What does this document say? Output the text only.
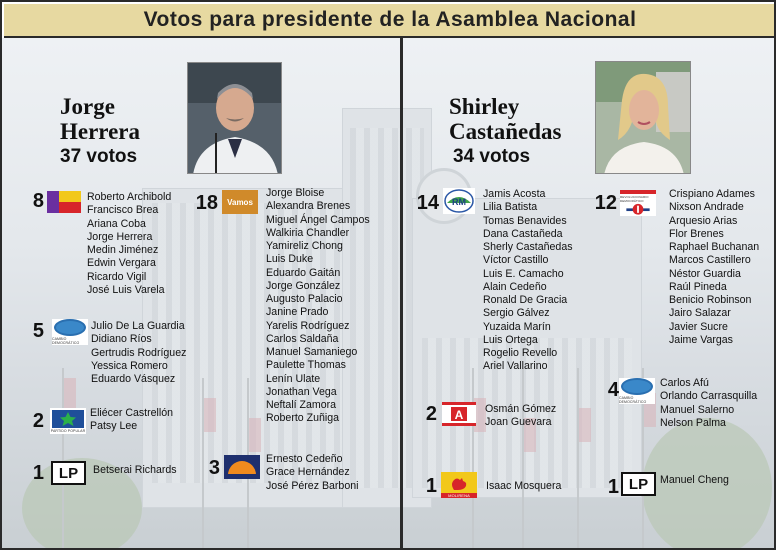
Votos para presidente de la Asamblea Nacional
Jorge
Herrera
37 votos
8	Roberto Archibold
Francisco Brea
Ariana Coba
Jorge Herrera
Medin Jiménez
Edwin Vergara
Ricardo Vigil
José Luis Varela
18 Vamos
Jorge Bloise
Alexandra Brenes
Miguel Ángel Campos
Walkiria Chandler
Yamireliz Chong
Luis Duke
Eduardo Gaitán
Jorge González
Augusto Palacio
Janine Prado
Yarelis Rodríguez
Carlos Saldaña
Manuel Samaniego
Paulette Thomas
Lenín Ulate
Jonathan Vega
Neftalí Zamora
Roberto Zuñiga
5 CAMBIO DEMOCRÁTICO
Julio De La Guardia
Didiano Ríos
Gertrudis Rodríguez
Yessica Romero
Eduardo Vásquez
2 PARTIDO POPULAR
Eliécer Castrellón
Patsy Lee
1 LP Betserai Richards	3	Ernesto Cedeño
Grace Hernández
José Pérez Barboni
Shirley
Castañedas
34 votos
14 RM
Jamis Acosta
Lilia Batista
Tomas Benavides
Dana Castañeda
Sherly Castañedas
Víctor Castillo
Luis E. Camacho
Alain Cedeño
Ronald De Gracia
Sergio Gálvez
Yuzaida Marín
Luis Ortega
Rogelio Revello
Ariel Vallarino
12 REVOLUCIONARIO DEMOCRÁTICO
Crispiano Adames
Nixson Andrade
Arquesio Arias
Flor Brenes
Raphael Buchanan
Marcos Castillero
Néstor Guardia
Raúl Pineda
Benicio Robinson
Jairo Salazar
Javier Sucre
Jaime Vargas
2 A Osmán Gómez
Joan Guevara
4 CAMBIO DEMOCRÁTICO
Carlos Afú
Orlando Carrasquilla
Manuel Salerno
Nelson Palma
1	MOLIRENA
Isaac Mosquera	1 LP Manuel Cheng
